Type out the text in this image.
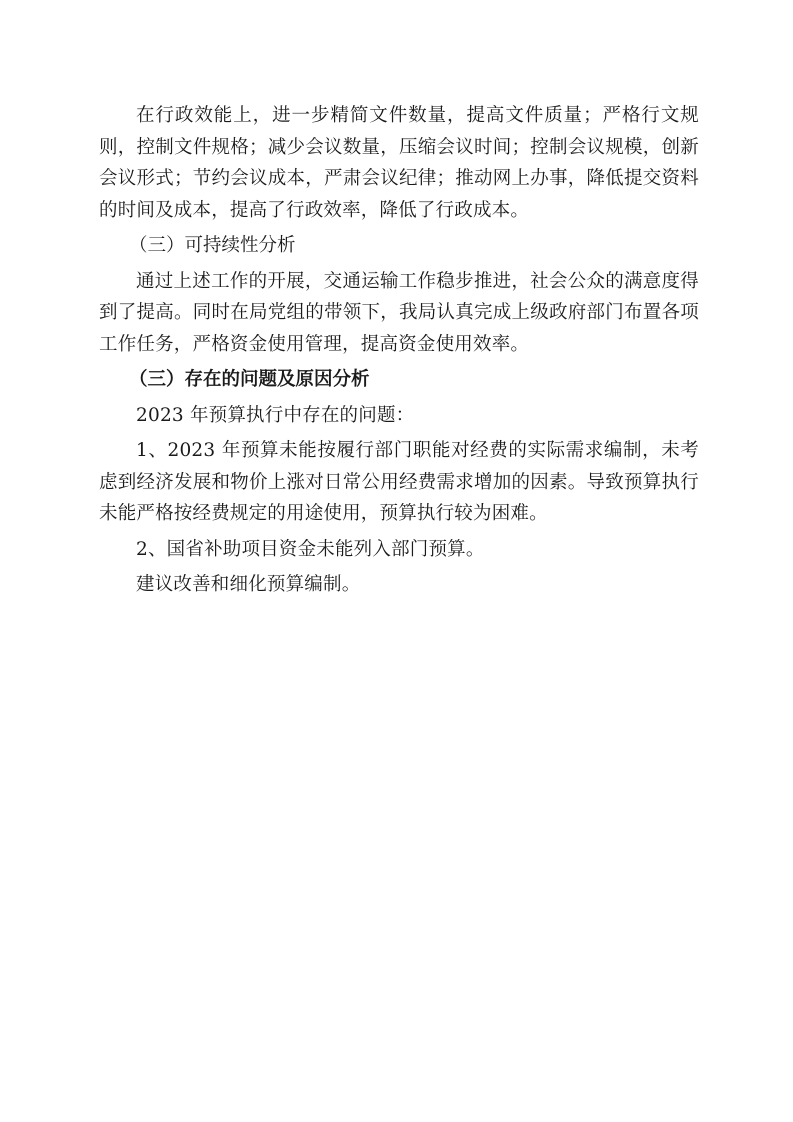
在行政效能上，进一步精简文件数量，提高文件质量；严格行文规则，控制文件规格；减少会议数量，压缩会议时间；控制会议规模，创新会议形式；节约会议成本，严肃会议纪律；推动网上办事，降低提交资料的时间及成本，提高了行政效率，降低了行政成本。

（三）可持续性分析

通过上述工作的开展，交通运输工作稳步推进，社会公众的满意度得到了提高。同时在局党组的带领下，我局认真完成上级政府部门布置各项工作任务，严格资金使用管理，提高资金使用效率。

（三）存在的问题及原因分析

2023 年预算执行中存在的问题：

1、2023 年预算未能按履行部门职能对经费的实际需求编制，未考虑到经济发展和物价上涨对日常公用经费需求增加的因素。导致预算执行未能严格按经费规定的用途使用，预算执行较为困难。

2、国省补助项目资金未能列入部门预算。

建议改善和细化预算编制。
